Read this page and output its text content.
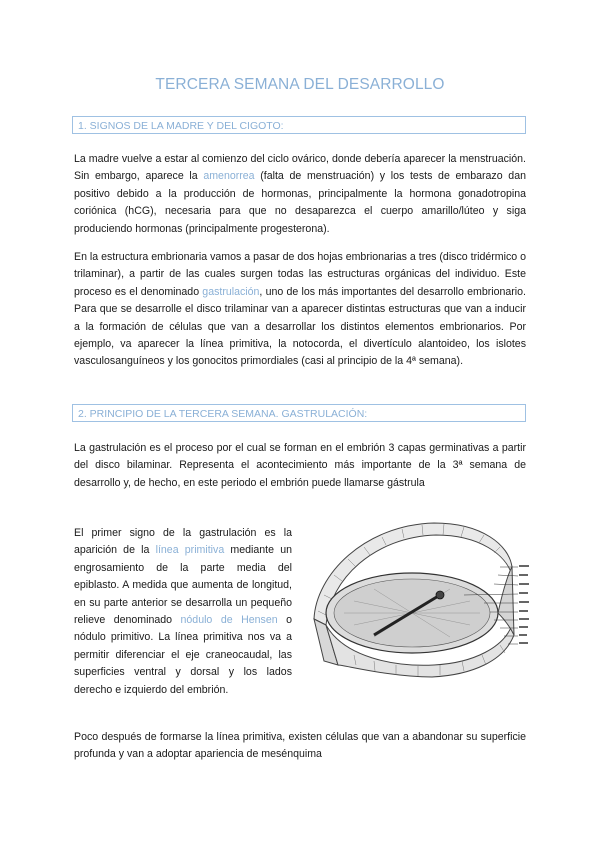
TERCERA SEMANA DEL DESARROLLO
1. SIGNOS DE LA MADRE Y DEL CIGOTO:

La madre vuelve a estar al comienzo del ciclo ovárico, donde debería aparecer la menstruación. Sin embargo, aparece la amenorrea (falta de menstruación) y los tests de embarazo dan positivo debido a la producción de hormonas, principalmente la hormona gonadotropina coriónica (hCG), necesaria para que no desaparezca el cuerpo amarillo/lúteo y siga produciendo hormonas (principalmente progesterona).

En la estructura embrionaria vamos a pasar de dos hojas embrionarias a tres (disco tridérmico o trilaminar), a partir de las cuales surgen todas las estructuras orgánicas del individuo. Este proceso es el denominado gastrulación, uno de los más importantes del desarrollo embrionario. Para que se desarrolle el disco trilaminar van a aparecer distintas estructuras que van a inducir a la formación de células que van a desarrollar los distintos elementos embrionarios. Por ejemplo, va aparecer la línea primitiva, la notocorda, el divertículo alantoideo, los islotes vasculosanguíneos y los gonocitos primordiales (casi al principio de la 4ª semana).

2. PRINCIPIO DE LA TERCERA SEMANA. GASTRULACIÓN:

La gastrulación es el proceso por el cual se forman en el embrión 3 capas germinativas a partir del disco bilaminar. Representa el acontecimiento más importante de la 3ª semana de desarrollo y, de hecho, en este periodo el embrión puede llamarse gástrula

El primer signo de la gastrulación es la aparición de la línea primitiva mediante un engrosamiento de la parte media del epiblasto. A medida que aumenta de longitud, en su parte anterior se desarrolla un pequeño relieve denominado nódulo de Hensen o nódulo primitivo. La línea primitiva nos va a permitir diferenciar el eje craneocaudal, las superficies ventral y dorsal y los lados derecho e izquierdo del embrión.

Poco después de formarse la línea primitiva, existen células que van a abandonar su superficie profunda y van a adoptar apariencia de mesénquima
